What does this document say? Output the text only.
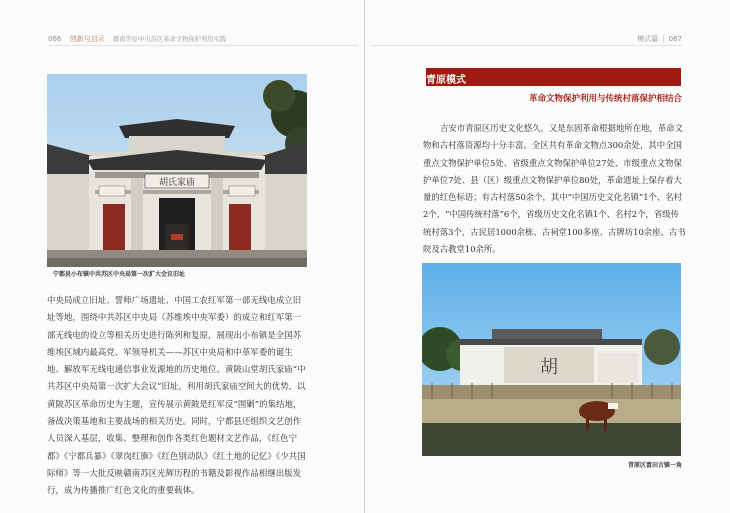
066 创新与启示 赣南等原中央苏区革命文物保护利用实践
胡氏家庙
宁都县小布镇中共苏区中央局第一次扩大会议旧址
中央局成立旧址、誓师广场遗址、中国工农红军第一部无线电成立旧址等地，围绕中共苏区中央局（苏维埃中央军委）的成立和红军第一部无线电的设立等相关历史进行陈列和复原，展现出小布镇是全国苏维埃区域内最高党、军领导机关——苏区中央局和中革军委的诞生地、解放军无线电通信事业发源地的历史地位。黄陂山堂胡氏家庙“中共苏区中央局第一次扩大会议”旧址，利用胡氏家庙空间大的优势，以黄陂苏区革命历史为主题，宣传展示黄陂是红军反“围剿”的集结地，备战决策基地和主要战场的相关历史。同时，宁都县还组织文艺创作人员深入基层，收集、整理和创作各类红色题材文艺作品，《红色宁都》《宁都兵暴》《翠岗红旗》《红色别动队》《红土地的记忆》《少共国际师》等一大批反映赣南苏区光辉历程的书籍及影视作品相继出版发行，成为传播推广红色文化的重要载体。
模式篇 | 067
青原模式
革命文物保护利用与传统村落保护相结合
吉安市青原区历史文化悠久，又是东固革命根据地所在地，革命文物和古村落资源均十分丰富。全区共有革命文物点300余处，其中全国重点文物保护单位5处、省级重点文物保护单位27处、市级重点文物保护单位7处、县（区）级重点文物保护单位80处，革命遗址上保存着大量的红色标语；有古村落50余个，其中“中国历史文化名镇”1个、名村2个，“中国传统村落”6个，省级历史文化名镇1个、名村2个，省级传统村落3个，古民居1000余栋、古祠堂100多座、古牌坊10余座、古书院及古教堂10余所。
胡
青原区富田古镇一角
